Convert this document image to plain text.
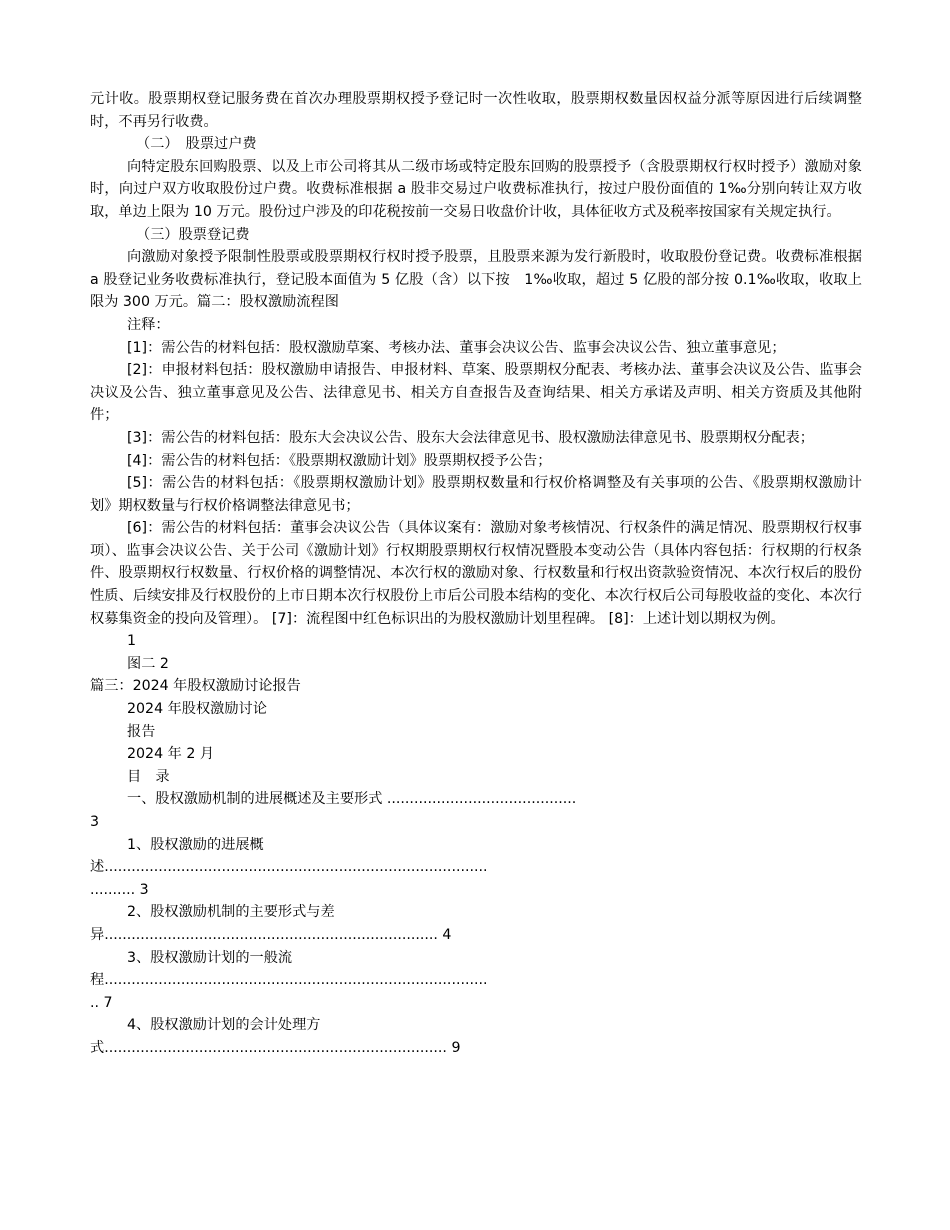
元计收。股票期权登记服务费在首次办理股票期权授予登记时一次性收取，股票期权数量因权益分派等原因进行后续调整时，不再另行收费。

（二）　股票过户费

向特定股东回购股票、以及上市公司将其从二级市场或特定股东回购的股票授予（含股票期权行权时授予）激励对象时，向过户双方收取股份过户费。收费标准根据 a 股非交易过户收费标准执行，按过户股份面值的 1‰分别向转让双方收取，单边上限为 10 万元。股份过户涉及的印花税按前一交易日收盘价计收，具体征收方式及税率按国家有关规定执行。

（三）股票登记费

向激励对象授予限制性股票或股票期权行权时授予股票，且股票来源为发行新股时，收取股份登记费。收费标准根据 a 股登记业务收费标准执行，登记股本面值为 5 亿股（含）以下按　1‰收取，超过 5 亿股的部分按 0.1‰收取，收取上限为 300 万元。篇二：股权激励流程图

注释：

[1]：需公告的材料包括：股权激励草案、考核办法、董事会决议公告、监事会决议公告、独立董事意见；

[2]：申报材料包括：股权激励申请报告、申报材料、草案、股票期权分配表、考核办法、董事会决议及公告、监事会决议及公告、独立董事意见及公告、法律意见书、相关方自查报告及查询结果、相关方承诺及声明、相关方资质及其他附件；

[3]：需公告的材料包括：股东大会决议公告、股东大会法律意见书、股权激励法律意见书、股票期权分配表；

[4]：需公告的材料包括：《股票期权激励计划》股票期权授予公告；

[5]：需公告的材料包括：《股票期权激励计划》股票期权数量和行权价格调整及有关事项的公告、《股票期权激励计划》期权数量与行权价格调整法律意见书；

[6]：需公告的材料包括：董事会决议公告（具体议案有：激励对象考核情况、行权条件的满足情况、股票期权行权事项）、监事会决议公告、关于公司《激励计划》行权期股票期权行权情况暨股本变动公告（具体内容包括：行权期的行权条件、股票期权行权数量、行权价格的调整情况、本次行权的激励对象、行权数量和行权出资款验资情况、本次行权后的股份性质、后续安排及行权股份的上市日期本次行权股份上市后公司股本结构的变化、本次行权后公司每股收益的变化、本次行权募集资金的投向及管理）。 [7]：流程图中红色标识出的为股权激励计划里程碑。 [8]：上述计划以期权为例。

1

图二 2

篇三：2024 年股权激励讨论报告

2024 年股权激励讨论

报告

2024 年 2 月

目　录

一、股权激励机制的进展概述及主要形式 ..........................................

3

1、股权激励的进展概

述.....................................................................................

.......... 3

2、股权激励机制的主要形式与差

异.......................................................................... 4

3、股权激励计划的一般流

程.....................................................................................

.. 7

4、股权激励计划的会计处理方

式............................................................................ 9
